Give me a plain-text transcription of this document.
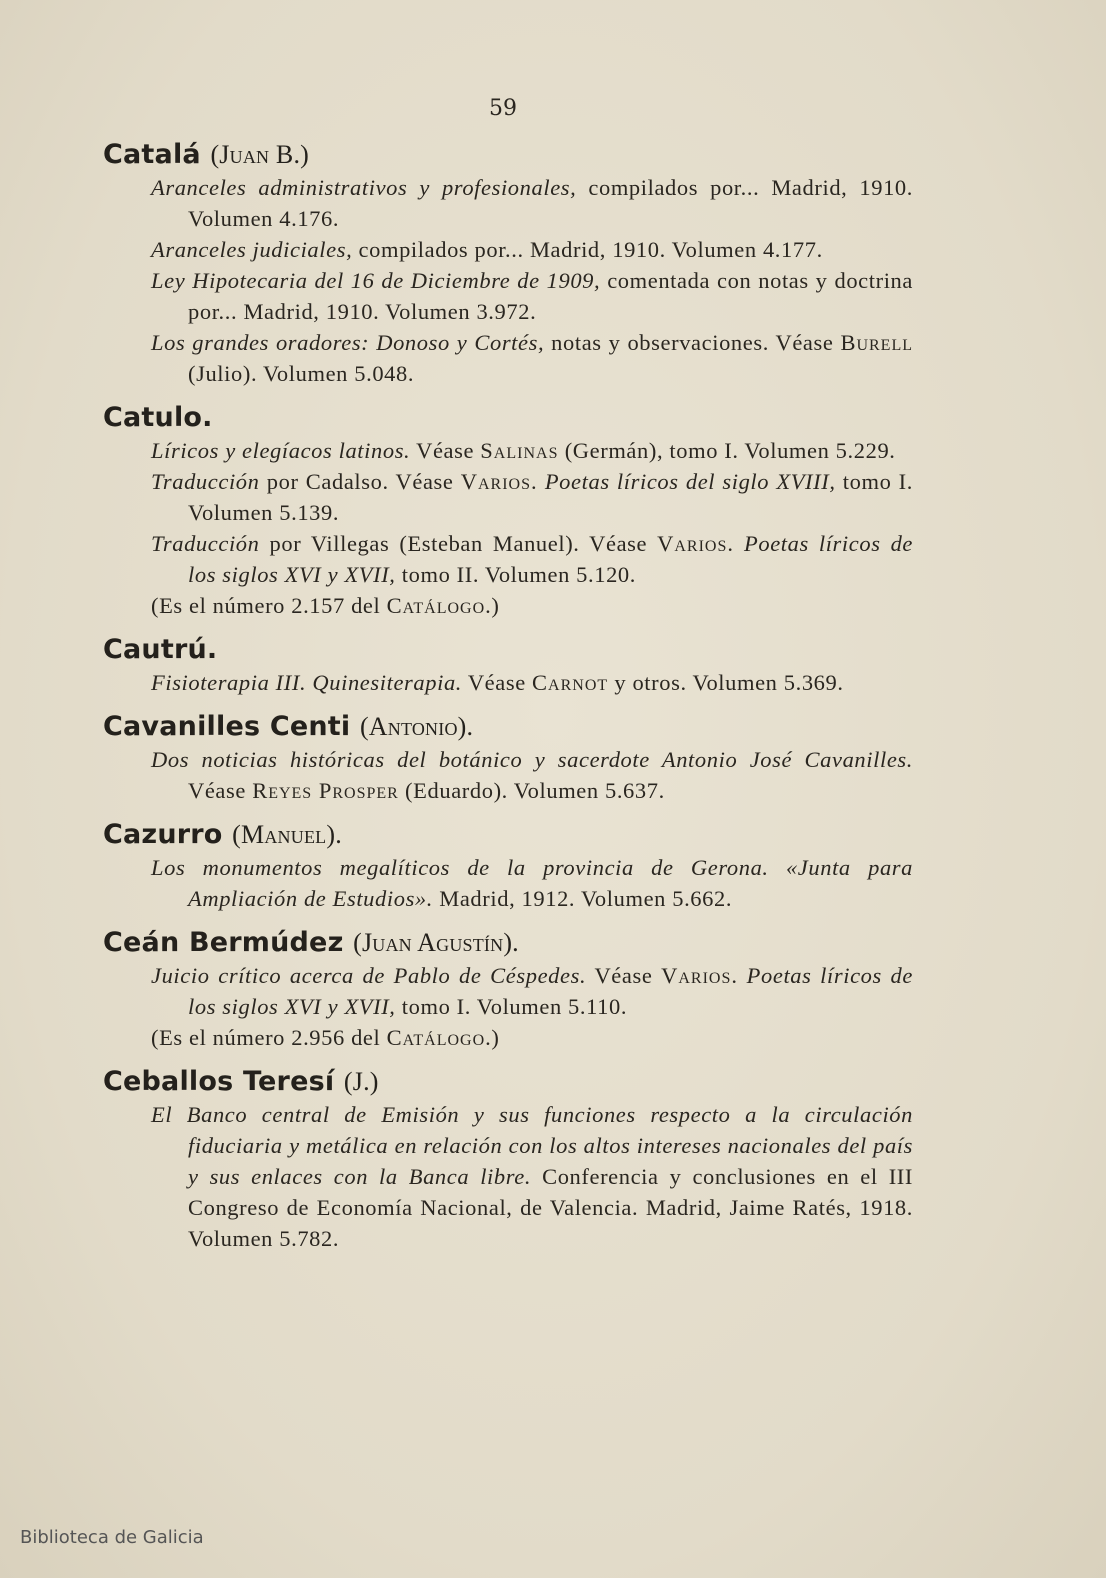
59

Catalá (Juan B.)

Aranceles administrativos y profesionales, compilados por... Madrid, 1910. Volumen 4.176.

Aranceles judiciales, compilados por... Madrid, 1910. Volumen 4.177.

Ley Hipotecaria del 16 de Diciembre de 1909, comentada con notas y doctrina por... Madrid, 1910. Volumen 3.972.

Los grandes oradores: Donoso y Cortés, notas y observaciones. Véase Burell (Julio). Volumen 5.048.

Catulo.

Líricos y elegíacos latinos. Véase Salinas (Germán), tomo I. Volumen 5.229.

Traducción por Cadalso. Véase Varios. Poetas líricos del siglo XVIII, tomo I. Volumen 5.139.

Traducción por Villegas (Esteban Manuel). Véase Varios. Poetas líricos de los siglos XVI y XVII, tomo II. Volumen 5.120.

(Es el número 2.157 del Catálogo.)

Cautrú.

Fisioterapia III. Quinesiterapia. Véase Carnot y otros. Volumen 5.369.

Cavanilles Centi (Antonio).

Dos noticias históricas del botánico y sacerdote Antonio José Cavanilles. Véase Reyes Prosper (Eduardo). Volumen 5.637.

Cazurro (Manuel).

Los monumentos megalíticos de la provincia de Gerona. «Junta para Ampliación de Estudios». Madrid, 1912. Volumen 5.662.

Ceán Bermúdez (Juan Agustín).

Juicio crítico acerca de Pablo de Céspedes. Véase Varios. Poetas líricos de los siglos XVI y XVII, tomo I. Volumen 5.110.

(Es el número 2.956 del Catálogo.)

Ceballos Teresí (J.)

El Banco central de Emisión y sus funciones respecto a la circulación fiduciaria y metálica en relación con los altos intereses nacionales del país y sus enlaces con la Banca libre. Conferencia y conclusiones en el III Congreso de Economía Nacional, de Valencia. Madrid, Jaime Ratés, 1918. Volumen 5.782.

Biblioteca de Galicia
